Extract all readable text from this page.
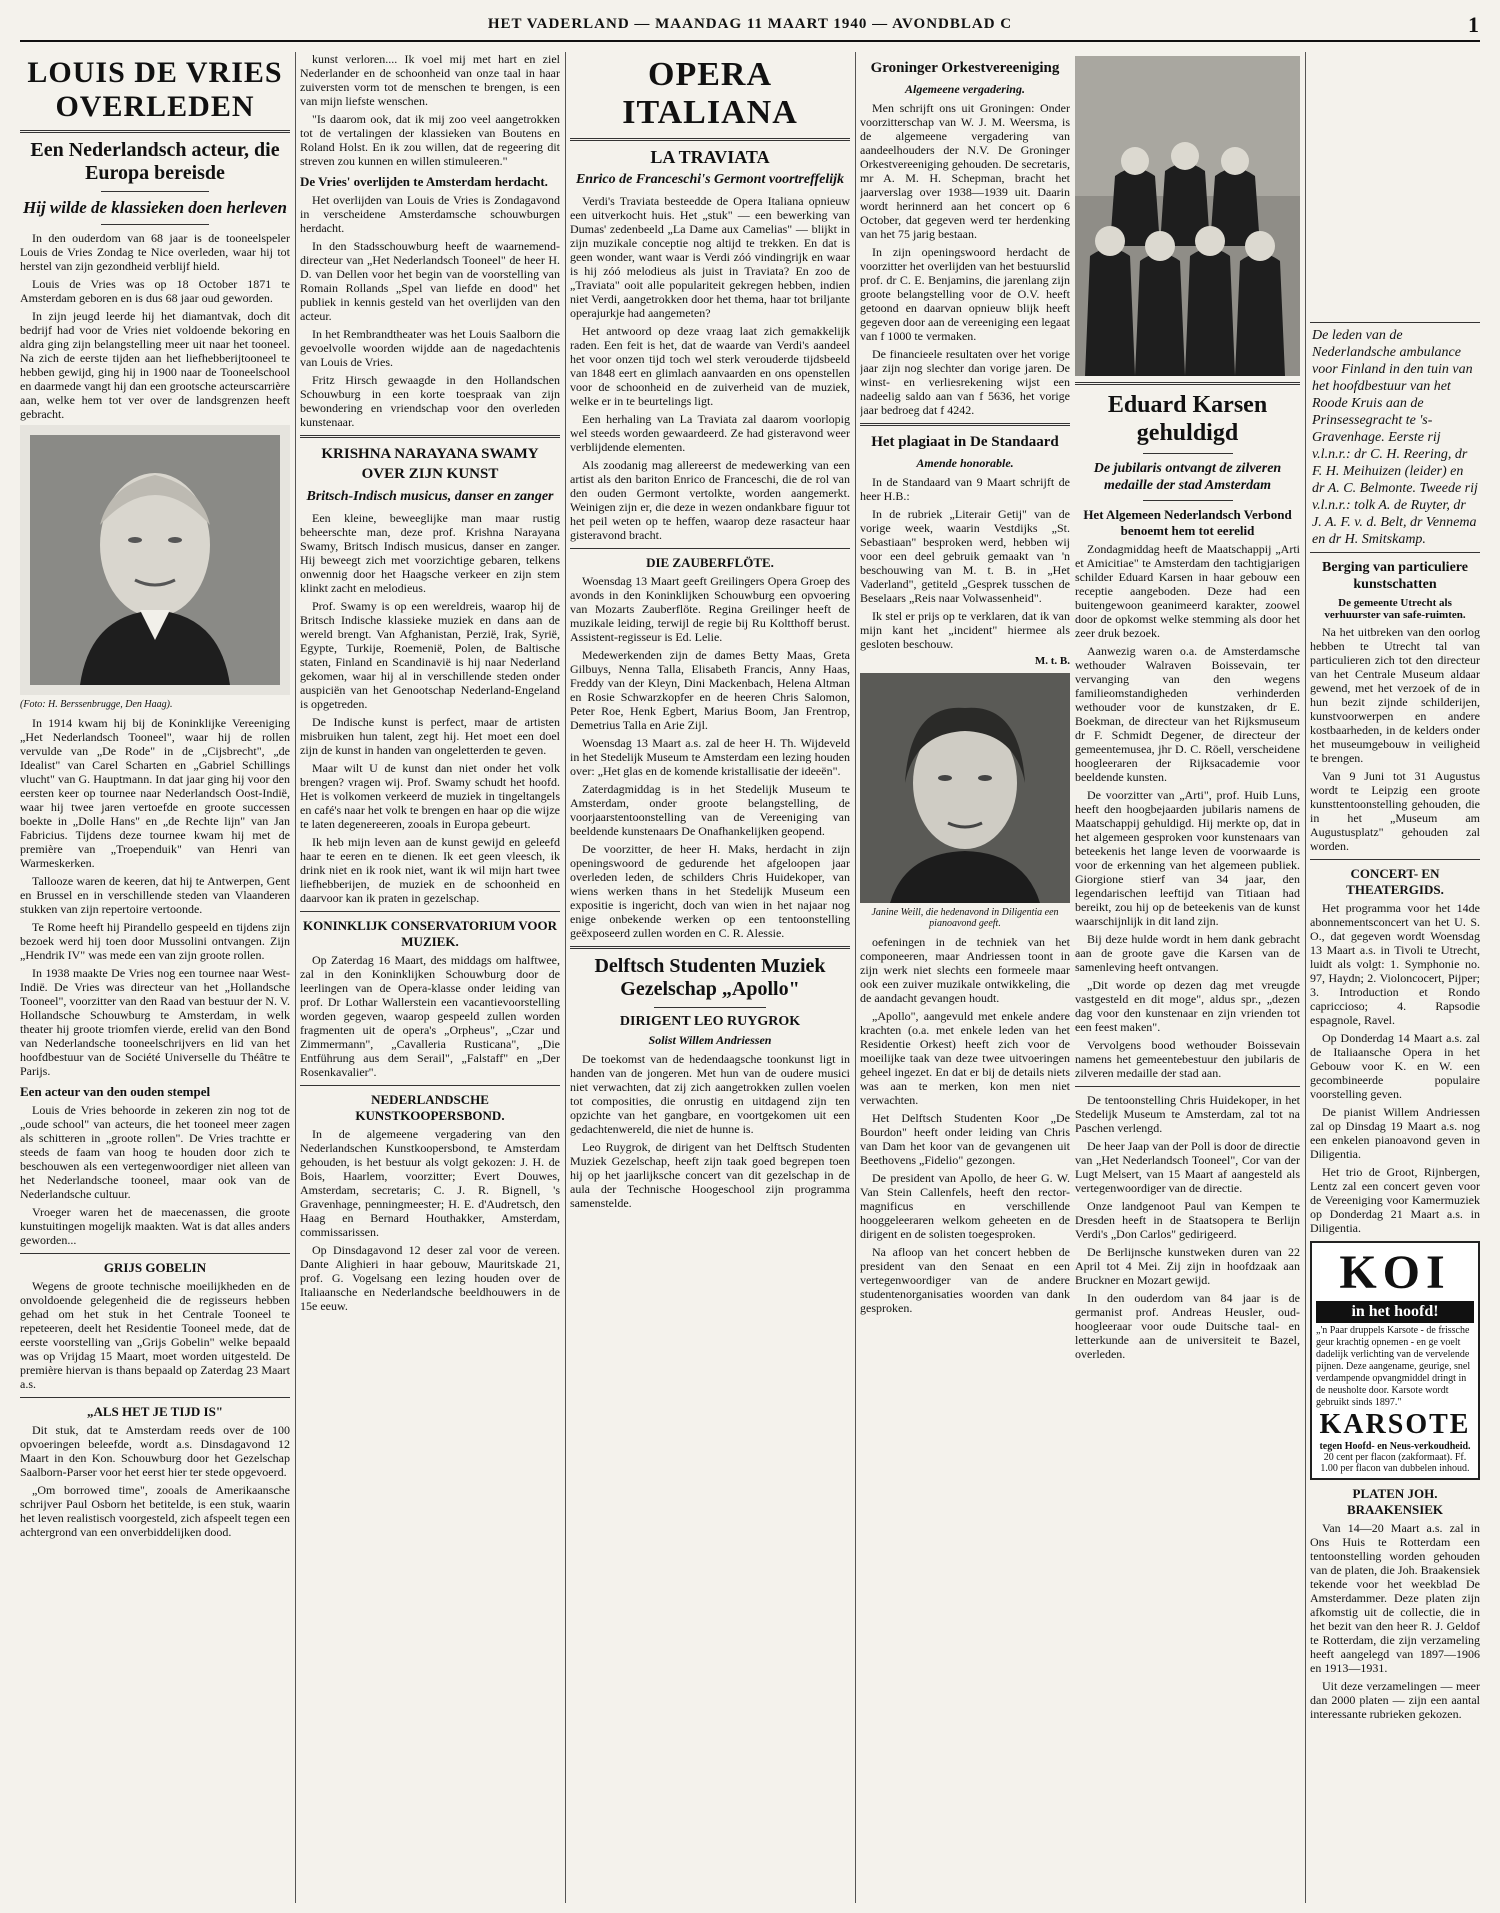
HET VADERLAND — MAANDAG 11 MAART 1940 — AVONDBLAD C	1
LOUIS DE VRIES OVERLEDEN
Een Nederlandsch acteur, die Europa bereisde
Hij wilde de klassieken doen herleven

In den ouderdom van 68 jaar is de tooneelspeler Louis de Vries Zondag te Nice overleden, waar hij tot herstel van zijn gezondheid verblijf hield.

Louis de Vries was op 18 October 1871 te Amsterdam geboren en is dus 68 jaar oud geworden.

In zijn jeugd leerde hij het diamantvak, doch dit bedrijf had voor de Vries niet voldoende bekoring en aldra ging zijn belangstelling meer uit naar het tooneel. Na zich de eerste tijden aan het liefhebberijtooneel te hebben gewijd, ging hij in 1900 naar de Tooneelschool en daarmede vangt hij dan een grootsche acteurscarrière aan, welke hem tot ver over de landsgrenzen heeft gebracht.

(Foto: H. Berssenbrugge, Den Haag).

In 1914 kwam hij bij de Koninklijke Vereeniging „Het Nederlandsch Tooneel", waar hij de rollen vervulde van „De Rode" in de „Cijsbrecht", „de Idealist" van Carel Scharten en „Gabriel Schillings vlucht" van G. Hauptmann. In dat jaar ging hij voor den eersten keer op tournee naar Nederlandsch Oost-Indië, waar hij twee jaren vertoefde en groote successen boekte in „Dolle Hans" en „de Rechte lijn" van Jan Fabricius. Tijdens deze tournee kwam hij met de première van „Troependuik" van Henri van Warmeskerken.

Tallooze waren de keeren, dat hij te Antwerpen, Gent en Brussel en in verschillende steden van Vlaanderen stukken van zijn repertoire vertoonde.

Te Rome heeft hij Pirandello gespeeld en tijdens zijn bezoek werd hij toen door Mussolini ontvangen. Zijn „Hendrik IV" was mede een van zijn groote rollen.

In 1938 maakte De Vries nog een tournee naar West-Indië. De Vries was directeur van het „Hollandsche Tooneel", voorzitter van den Raad van bestuur der N. V. Hollandsche Schouwburg te Amsterdam, in welk theater hij groote triomfen vierde, erelid van den Bond van Nederlandsche tooneelschrijvers en lid van het hoofdbestuur van de Société Universelle du Théâtre te Parijs.

Een acteur van den ouden stempel

Louis de Vries behoorde in zekeren zin nog tot de „oude school" van acteurs, die het tooneel meer zagen als schitteren in „groote rollen". De Vries trachtte er steeds de faam van hoog te houden door zich te beschouwen als een vertegenwoordiger niet alleen van het Nederlandsche tooneel, maar ook van de Nederlandsche cultuur.

Vroeger waren het de maecenassen, die groote kunstuitingen mogelijk maakten. Wat is dat alles anders geworden...

GRIJS GOBELIN

Wegens de groote technische moeilijkheden en de onvoldoende gelegenheid die de regisseurs hebben gehad om het stuk in het Centrale Tooneel te repeteeren, deelt het Residentie Tooneel mede, dat de eerste voorstelling van „Grijs Gobelin" welke bepaald was op Vrijdag 15 Maart, moet worden uitgesteld. De première hiervan is thans bepaald op Zaterdag 23 Maart a.s.

„ALS HET JE TIJD IS"

Dit stuk, dat te Amsterdam reeds over de 100 opvoeringen beleefde, wordt a.s. Dinsdagavond 12 Maart in den Kon. Schouwburg door het Gezelschap Saalborn-Parser voor het eerst hier ter stede opgevoerd.

„Om borrowed time", zooals de Amerikaansche schrijver Paul Osborn het betitelde, is een stuk, waarin het leven realistisch voorgesteld, zich afspeelt tegen een achtergrond van een onverbiddelijken dood.

kunst verloren.... Ik voel mij met hart en ziel Nederlander en de schoonheid van onze taal in haar zuiversten vorm tot de menschen te brengen, is een van mijn liefste wenschen.

"Is daarom ook, dat ik mij zoo veel aangetrokken tot de vertalingen der klassieken van Boutens en Roland Holst. En ik zou willen, dat de regeering dit streven zou kunnen en willen stimuleeren."

De Vries' overlijden te Amsterdam herdacht.

Het overlijden van Louis de Vries is Zondagavond in verscheidene Amsterdamsche schouwburgen herdacht.

In den Stadsschouwburg heeft de waarnemend-directeur van „Het Nederlandsch Tooneel" de heer H. D. van Dellen voor het begin van de voorstelling van Romain Rollands „Spel van liefde en dood" het publiek in kennis gesteld van het overlijden van den acteur.

In het Rembrandtheater was het Louis Saalborn die gevoelvolle woorden wijdde aan de nagedachtenis van Louis de Vries.

Fritz Hirsch gewaagde in den Hollandschen Schouwburg in een korte toespraak van zijn bewondering en vriendschap voor den overleden kunstenaar.

KRISHNA NARAYANA SWAMY OVER ZIJN KUNST
Britsch-Indisch musicus, danser en zanger

Een kleine, beweeglijke man maar rustig beheerschte man, deze prof. Krishna Narayana Swamy, Britsch Indisch musicus, danser en zanger. Hij beweegt zich met voorzichtige gebaren, telkens onwennig door het Haagsche verkeer en zijn stem klinkt zacht en melodieus.

Prof. Swamy is op een wereldreis, waarop hij de Britsch Indische klassieke muziek en dans aan de wereld brengt. Van Afghanistan, Perzië, Irak, Syrië, Egypte, Turkije, Roemenië, Polen, de Baltische staten, Finland en Scandinavië is hij naar Nederland gekomen, waar hij al in verschillende steden onder auspiciën van het Genootschap Nederland-Engeland is opgetreden.

De Indische kunst is perfect, maar de artisten misbruiken hun talent, zegt hij. Het moet een doel zijn de kunst in handen van ongeletterden te geven.

Maar wilt U de kunst dan niet onder het volk brengen? vragen wij. Prof. Swamy schudt het hoofd. Het is volkomen verkeerd de muziek in tingeltangels en café's naar het volk te brengen en haar op die wijze te laten degenereeren, zooals in Europa gebeurt.

Ik heb mijn leven aan de kunst gewijd en geleefd haar te eeren en te dienen. Ik eet geen vleesch, ik drink niet en ik rook niet, want ik wil mijn hart twee liefhebberijen, de muziek en de schoonheid en daarvoor kan ik praten in gezelschap.

KONINKLIJK CONSERVATORIUM VOOR MUZIEK.

Op Zaterdag 16 Maart, des middags om halftwee, zal in den Koninklijken Schouwburg door de leerlingen van de Opera-klasse onder leiding van prof. Dr Lothar Wallerstein een vacantievoorstelling worden gegeven, waarop gespeeld zullen worden fragmenten uit de opera's „Orpheus", „Czar und Zimmermann", „Cavalleria Rusticana", „Die Entführung aus dem Serail", „Falstaff" en „Der Rosenkavalier".

NEDERLANDSCHE KUNSTKOOPERSBOND.

In de algemeene vergadering van den Nederlandschen Kunstkoopersbond, te Amsterdam gehouden, is het bestuur als volgt gekozen: J. H. de Bois, Haarlem, voorzitter; Evert Douwes, Amsterdam, secretaris; C. J. R. Bignell, 's Gravenhage, penningmeester; H. E. d'Audretsch, den Haag en Bernard Houthakker, Amsterdam, commissarissen.

Op Dinsdagavond 12 deser zal voor de vereen. Dante Alighieri in haar gebouw, Mauritskade 21, prof. G. Vogelsang een lezing houden over de Italiaansche en Nederlandsche beeldhouwers in de 15e eeuw.

OPERA ITALIANA
LA TRAVIATA
Enrico de Franceschi's Germont voortreffelijk

Verdi's Traviata besteedde de Opera Italiana opnieuw een uitverkocht huis. Het „stuk" — een bewerking van Dumas' zedenbeeld „La Dame aux Camelias" — blijkt in zijn muzikale conceptie nog altijd te trekken. En dat is geen wonder, want waar is Verdi zóó vindingrijk en waar is hij zóó melodieus als juist in Traviata? En zoo de „Traviata" ooit alle populariteit gekregen hebben, indien niet Verdi, aangetrokken door het thema, haar tot briljante operajurkje had aangemeten?

Het antwoord op deze vraag laat zich gemakkelijk raden. Een feit is het, dat de waarde van Verdi's aandeel het voor onzen tijd toch wel sterk verouderde tijdsbeeld van 1848 eert en glimlach aanvaarden en ons openstellen voor de schoonheid en de zuiverheid van de muziek, welke er in te beurtelings ligt.

Een herhaling van La Traviata zal daarom voorlopig wel steeds worden gewaardeerd. Ze had gisteravond weer verblijdende elementen.

Als zoodanig mag allereerst de medewerking van een artist als den bariton Enrico de Franceschi, die de rol van den ouden Germont vertolkte, worden aangemerkt. Weinigen zijn er, die deze in wezen ondankbare figuur tot het peil weten op te heffen, waarop deze rasacteur haar gisteravond bracht.

DIE ZAUBERFLÖTE.

Woensdag 13 Maart geeft Greilingers Opera Groep des avonds in den Koninklijken Schouwburg een opvoering van Mozarts Zauberflöte. Regina Greilinger heeft de muzikale leiding, terwijl de regie bij Ru Koltthoff berust. Assistent-regisseur is Ed. Lelie.

Medewerkenden zijn de dames Betty Maas, Greta Gilbuys, Nenna Talla, Elisabeth Francis, Anny Haas, Freddy van der Kleyn, Dini Mackenbach, Helena Altman en Rosie Schwarzkopfer en de heeren Chris Salomon, Peter Roe, Henk Egbert, Marius Boom, Jan Frentrop, Demetrius Talla en Arie Zijl.

Woensdag 13 Maart a.s. zal de heer H. Th. Wijdeveld in het Stedelijk Museum te Amsterdam een lezing houden over: „Het glas en de komende kristallisatie der ideeën".

Zaterdagmiddag is in het Stedelijk Museum te Amsterdam, onder groote belangstelling, de voorjaarstentoonstelling van de Vereeniging van beeldende kunstenaars De Onafhankelijken geopend.

De voorzitter, de heer H. Maks, herdacht in zijn openingswoord de gedurende het afgeloopen jaar overleden leden, de schilders Chris Huidekoper, van wiens werken thans in het Stedelijk Museum een expositie is ingericht, doch van wien in het najaar nog enige onbekende werken op een tentoonstelling geëxposeerd zullen worden en C. R. Alessie.

Delftsch Studenten Muziek Gezelschap „Apollo"
DIRIGENT LEO RUYGROK
Solist Willem Andriessen

De toekomst van de hedendaagsche toonkunst ligt in handen van de jongeren. Met hun van de oudere musici niet verwachten, dat zij zich aangetrokken zullen voelen tot composities, die onrustig en uitdagend zijn ten opzichte van het gangbare, en voortgekomen uit een gedachtenwereld, die niet de hunne is.

Leo Ruygrok, de dirigent van het Delftsch Studenten Muziek Gezelschap, heeft zijn taak goed begrepen toen hij op het jaarlijksche concert van dit gezelschap in de aula der Technische Hoogeschool zijn programma samenstelde.

Groninger Orkestvereeniging
Algemeene vergadering.

Men schrijft ons uit Groningen: Onder voorzitterschap van W. J. M. Weersma, is de algemeene vergadering van aandeelhouders der N.V. De Groninger Orkestvereeniging gehouden. De secretaris, mr A. M. H. Schepman, bracht het jaarverslag over 1938—1939 uit. Daarin wordt herinnerd aan het concert op 6 October, dat gegeven werd ter herdenking van het 75 jarig bestaan.

In zijn openingswoord herdacht de voorzitter het overlijden van het bestuurslid prof. dr C. E. Benjamins, die jarenlang zijn groote belangstelling voor de O.V. heeft getoond en daarvan opnieuw blijk heeft gegeven door aan de vereeniging een legaat van f 1000 te vermaken.

De financieele resultaten over het vorige jaar zijn nog slechter dan vorige jaren. De winst- en verliesrekening wijst een nadeelig saldo aan van f 5636, het vorige jaar bedroeg dat f 4242.

Het plagiaat in De Standaard
Amende honorable.

In de Standaard van 9 Maart schrijft de heer H.B.:

In de rubriek „Literair Getij" van de vorige week, waarin Vestdijks „St. Sebastiaan" besproken werd, hebben wij voor een deel gebruik gemaakt van 'n beschouwing van M. t. B. in „Het Vaderland", getiteld „Gesprek tusschen de Beselaars „Reis naar Volwassenheid".

Ik stel er prijs op te verklaren, dat ik van mijn kant het „incident" hiermee als gesloten beschouw.

M. t. B.
Janine Weill, die hedenavond in Diligentia een pianoavond geeft.

oefeningen in de techniek van het componeeren, maar Andriessen toont in zijn werk niet slechts een formeele maar ook een zuiver muzikale ontwikkeling, die de aandacht gevangen houdt.

„Apollo", aangevuld met enkele andere krachten (o.a. met enkele leden van het Residentie Orkest) heeft zich voor de moeilijke taak van deze twee uitvoeringen geheel ingezet. En dat er bij de details niets was aan te merken, kon men niet verwachten.

Het Delftsch Studenten Koor „De Bourdon" heeft onder leiding van Chris van Dam het koor van de gevangenen uit Beethovens „Fidelio" gezongen.

De president van Apollo, de heer G. W. Van Stein Callenfels, heeft den rector-magnificus en verschillende hooggeleeraren welkom geheeten en de dirigent en de solisten toegesproken.

Na afloop van het concert hebben de president van den Senaat en een vertegenwoordiger van de andere studentenorganisaties woorden van dank gesproken.

Eduard Karsen gehuldigd
De jubilaris ontvangt de zilveren medaille der stad Amsterdam
Het Algemeen Nederlandsch Verbond benoemt hem tot eerelid

Zondagmiddag heeft de Maatschappij „Arti et Amicitiae" te Amsterdam den tachtigjarigen schilder Eduard Karsen in haar gebouw een receptie aangeboden. Deze had een buitengewoon geanimeerd karakter, zoowel door de opkomst welke stemming als door het zeer druk bezoek.

Aanwezig waren o.a. de Amsterdamsche wethouder Walraven Boissevain, ter vervanging van den wegens familieomstandigheden verhinderden wethouder voor de kunstzaken, dr E. Boekman, de directeur van het Rijksmuseum dr F. Schmidt Degener, de directeur der gemeentemusea, jhr D. C. Röell, verscheidene hoogleeraren der Rijksacademie voor beeldende kunsten.

De voorzitter van „Arti", prof. Huib Luns, heeft den hoogbejaarden jubilaris namens de Maatschappij gehuldigd. Hij merkte op, dat in het algemeen gesproken voor kunstenaars van beteekenis het lange leven de voorwaarde is voor de erkenning van het algemeen publiek. Giorgione stierf van 34 jaar, den legendarischen leeftijd van Titiaan had bereikt, zou hij op de beteekenis van de kunst waarschijnlijk in dit land zijn.

Bij deze hulde wordt in hem dank gebracht aan de groote gave die Karsen van de samenleving heeft ontvangen.

„Dit worde op dezen dag met vreugde vastgesteld en dit moge", aldus spr., „dezen dag voor den kunstenaar en zijn vrienden tot een feest maken".

Vervolgens bood wethouder Boissevain namens het gemeentebestuur den jubilaris de zilveren medaille der stad aan.

De tentoonstelling Chris Huidekoper, in het Stedelijk Museum te Amsterdam, zal tot na Paschen verlengd.

De heer Jaap van der Poll is door de directie van „Het Nederlandsch Tooneel", Cor van der Lugt Melsert, van 15 Maart af aangesteld als vertegenwoordiger van de directie.

Onze landgenoot Paul van Kempen te Dresden heeft in de Staatsopera te Berlijn Verdi's „Don Carlos" gedirigeerd.

De Berlijnsche kunstweken duren van 22 April tot 4 Mei. Zij zijn in hoofdzaak aan Bruckner en Mozart gewijd.

In den ouderdom van 84 jaar is de germanist prof. Andreas Heusler, oud-hoogleeraar voor oude Duitsche taal- en letterkunde aan de universiteit te Bazel, overleden.

De leden van de Nederlandsche ambulance voor Finland in den tuin van het hoofdbestuur van het Roode Kruis aan de Prinsessegracht te 's-Gravenhage. Eerste rij v.l.n.r.: dr C. H. Reering, dr F. H. Meihuizen (leider) en dr A. C. Belmonte. Tweede rij v.l.n.r.: tolk A. de Ruyter, dr J. A. F. v. d. Belt, dr Vennema en dr H. Smitskamp.
Berging van particuliere kunstschatten
De gemeente Utrecht als verhuurster van safe-ruimten.

Na het uitbreken van den oorlog hebben te Utrecht tal van particulieren zich tot den directeur van het Centrale Museum aldaar gewend, met het verzoek of de in hun bezit zijnde schilderijen, kunstvoorwerpen en andere kostbaarheden, in de kelders onder het museumgebouw in veiligheid te brengen.

Van 9 Juni tot 31 Augustus wordt te Leipzig een groote kunsttentoonstelling gehouden, die in het „Museum am Augustusplatz" gehouden zal worden.

CONCERT- EN THEATERGIDS.

Het programma voor het 14de abonnementsconcert van het U. S. O., dat gegeven wordt Woensdag 13 Maart a.s. in Tivoli te Utrecht, luidt als volgt: 1. Symphonie no. 97, Haydn; 2. Violoncocert, Pijper; 3. Introduction et Rondo capriccioso; 4. Rapsodie espagnole, Ravel.

Op Donderdag 14 Maart a.s. zal de Italiaansche Opera in het Gebouw voor K. en W. een gecombineerde populaire voorstelling geven.

De pianist Willem Andriessen zal op Dinsdag 19 Maart a.s. nog een enkelen pianoavond geven in Diligentia.

Het trio de Groot, Rijnbergen, Lentz zal een concert geven voor de Vereeniging voor Kamermuziek op Donderdag 21 Maart a.s. in Diligentia.

KOI
in het hoofd!
„'n Paar druppels Karsote - de frissche geur krachtig opnemen - en ge voelt dadelijk verlichting van de vervelende pijnen. Deze aangename, geurige, snel verdampende opvangmiddel dringt in de neusholte door. Karsote wordt gebruikt sinds 1897."
KARSOTE
tegen Hoofd- en Neus-verkoudheid.
20 cent per flacon (zakformaat). Ff. 1.00 per flacon van dubbelen inhoud.
PLATEN JOH. BRAAKENSIEK

Van 14—20 Maart a.s. zal in Ons Huis te Rotterdam een tentoonstelling worden gehouden van de platen, die Joh. Braakensiek tekende voor het weekblad De Amsterdammer. Deze platen zijn afkomstig uit de collectie, die in het bezit van den heer R. J. Geldof te Rotterdam, die zijn verzameling heeft aangelegd van 1897—1906 en 1913—1931.

Uit deze verzamelingen — meer dan 2000 platen — zijn een aantal interessante rubrieken gekozen.
